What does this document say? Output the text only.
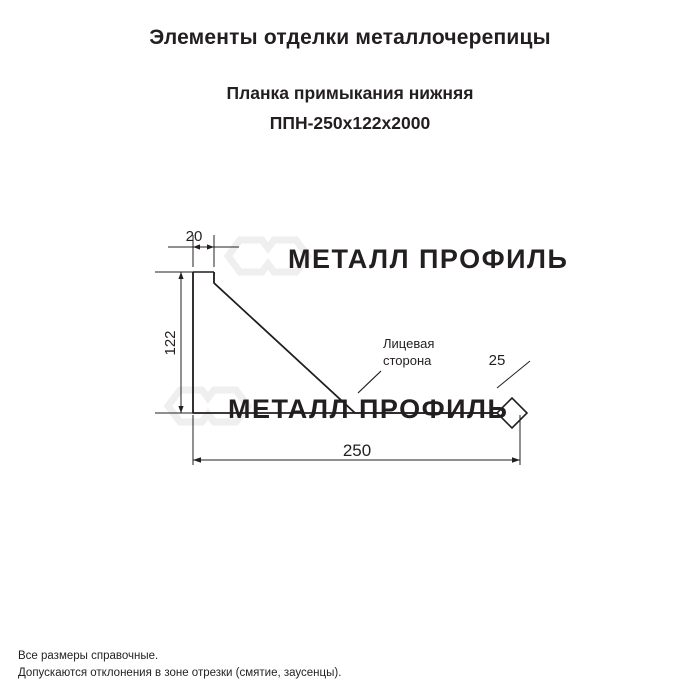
МЕТАЛЛ ПРОФИЛЬ
МЕТАЛЛ ПРОФИЛЬ
Элементы отделки металлочерепицы
Планка примыкания нижняя
ППН-250х122х2000
Лицевая
сторона
20
122
250
25
Все размеры справочные.
Допускаются отклонения в зоне отрезки (смятие, заусенцы).
